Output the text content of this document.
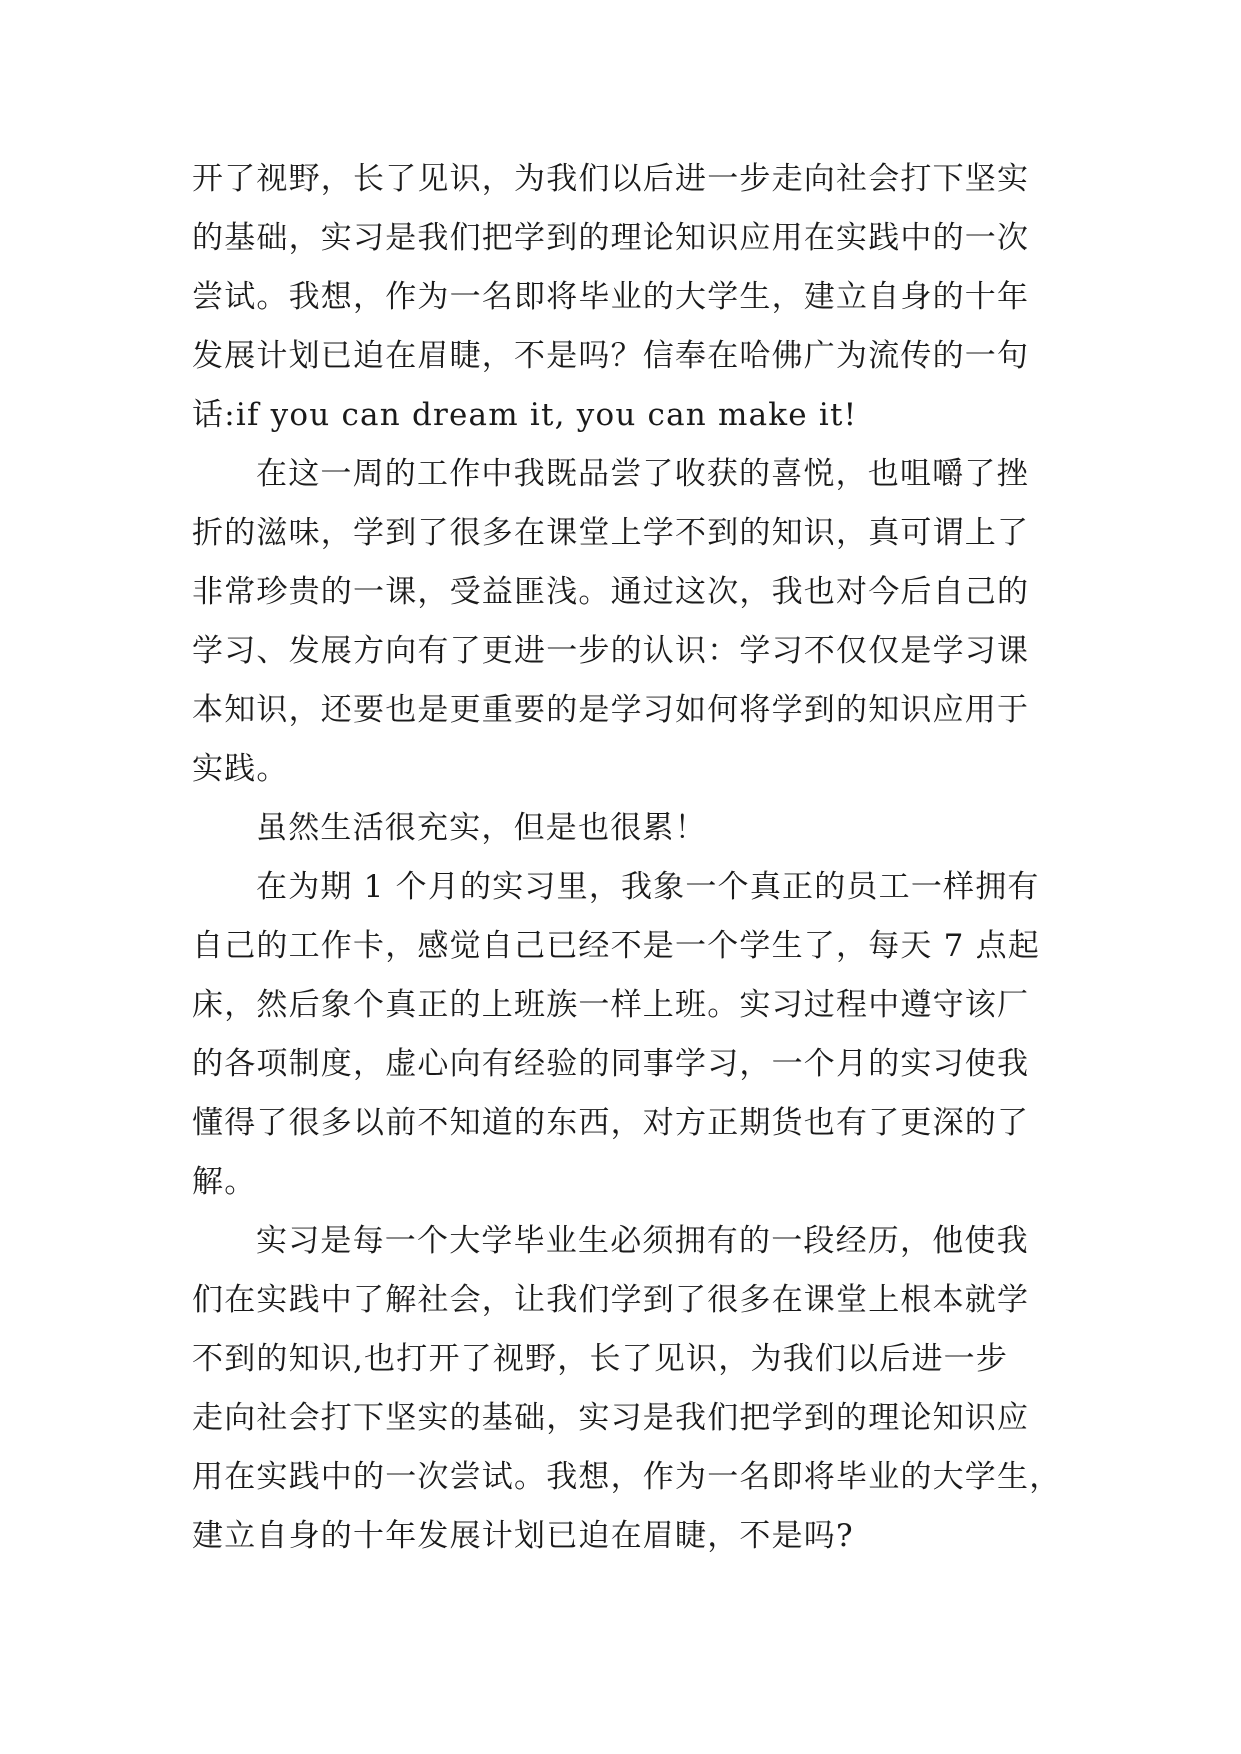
开了视野，长了见识，为我们以后进一步走向社会打下坚实
的基础，实习是我们把学到的理论知识应用在实践中的一次
尝试。我想，作为一名即将毕业的大学生，建立自身的十年
发展计划已迫在眉睫，不是吗？信奉在哈佛广为流传的一句
话:if you can dream it, you can make it!
在这一周的工作中我既品尝了收获的喜悦，也咀嚼了挫
折的滋味，学到了很多在课堂上学不到的知识，真可谓上了
非常珍贵的一课，受益匪浅。通过这次，我也对今后自己的
学习、发展方向有了更进一步的认识：学习不仅仅是学习课
本知识，还要也是更重要的是学习如何将学到的知识应用于
实践。
虽然生活很充实，但是也很累！
在为期 1 个月的实习里，我象一个真正的员工一样拥有
自己的工作卡，感觉自己已经不是一个学生了，每天 7 点起
床，然后象个真正的上班族一样上班。实习过程中遵守该厂
的各项制度，虚心向有经验的同事学习，一个月的实习使我
懂得了很多以前不知道的东西，对方正期货也有了更深的了
解。
实习是每一个大学毕业生必须拥有的一段经历，他使我
们在实践中了解社会，让我们学到了很多在课堂上根本就学
不到的知识,也打开了视野，长了见识，为我们以后进一步
走向社会打下坚实的基础，实习是我们把学到的理论知识应
用在实践中的一次尝试。我想，作为一名即将毕业的大学生，
建立自身的十年发展计划已迫在眉睫，不是吗?
